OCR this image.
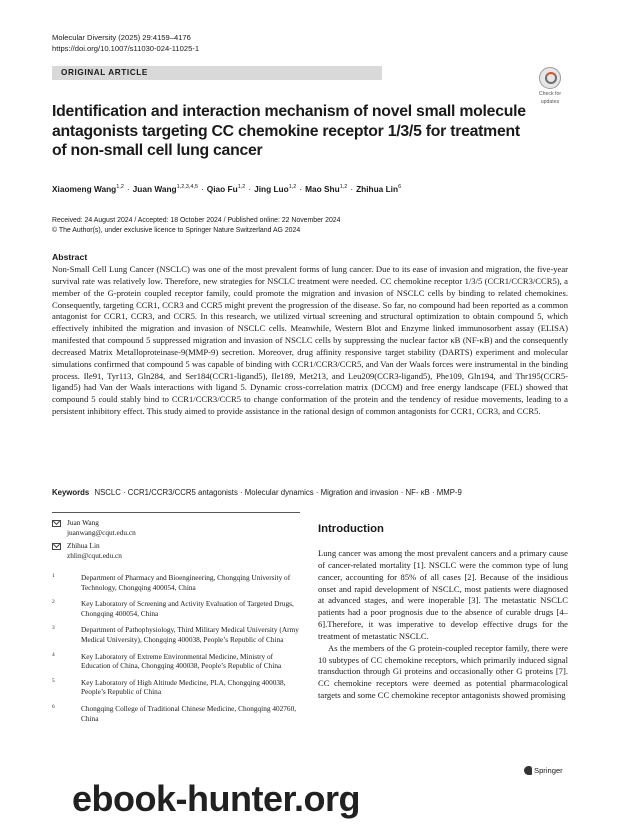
Molecular Diversity (2025) 29:4159–4176
https://doi.org/10.1007/s11030-024-11025-1
ORIGINAL ARTICLE
Check for
updates
Identification and interaction mechanism of novel small molecule antagonists targeting CC chemokine receptor 1/3/5 for treatment of non-small cell lung cancer
Xiaomeng Wang$^{1,2}$ · Juan Wang$^{1,2,3,4,5}$ · Qiao Fu$^{1,2}$ · Jing Luo$^{1,2}$ · Mao Shu$^{1,2}$ · Zhihua Lin$^6$
Received: 24 August 2024 / Accepted: 18 October 2024 / Published online: 22 November 2024
© The Author(s), under exclusive licence to Springer Nature Switzerland AG 2024
Abstract

Non-Small Cell Lung Cancer (NSCLC) was one of the most prevalent forms of lung cancer. Due to its ease of invasion and migration, the five-year survival rate was relatively low. Therefore, new strategies for NSCLC treatment were needed. CC chemokine receptor 1/3/5 (CCR1/CCR3/CCR5), a member of the G-protein coupled receptor family, could promote the migration and invasion of NSCLC cells by binding to related chemokines. Consequently, targeting CCR1, CCR3 and CCR5 might prevent the progression of the disease. So far, no compound had been reported as a common antagonist for CCR1, CCR3, and CCR5. In this research, we utilized virtual screening and structural optimization to obtain compound 5, which effectively inhibited the migration and invasion of NSCLC cells. Meanwhile, Western Blot and Enzyme linked immunosorbent assay (ELISA) manifested that compound 5 suppressed migration and invasion of NSCLC cells by suppressing the nuclear factor κB (NF-κB) and the consequently decreased Matrix Metalloproteinase-9(MMP-9) secretion. Moreover, drug affinity responsive target stability (DARTS) experiment and molecular simulations confirmed that compound 5 was capable of binding with CCR1/CCR3/CCR5, and Van der Waals forces were instrumental in the binding process. Ile91, Tyr113, Gln284, and Ser184(CCR1-ligand5), Ile189, Met213, and Leu209(CCR3-ligand5), Phe109, Gln194, and Thr195(CCR5-ligand5) had Van der Waals interactions with ligand 5. Dynamic cross-correlation matrix (DCCM) and free energy landscape (FEL) showed that compound 5 could stably bind to CCR1/CCR3/CCR5 to change conformation of the protein and the tendency of residue movements, leading to a persistent inhibitory effect. This study aimed to provide assistance in the rational design of common antagonists for CCR1, CCR3, and CCR5.

Keywords NSCLC · CCR1/CCR3/CCR5 antagonists · Molecular dynamics · Migration and invasion · NF- κB · MMP-9
Juan Wang
juanwang@cqut.edu.cn
Zhihua Lin
zhlin@cqut.edu.cn
1	Department of Pharmacy and Bioengineering, Chongqing University of Technology, Chongqing 400054, China
2	Key Laboratory of Screening and Activity Evaluation of Targeted Drugs, Chongqing 400054, China
3	Department of Pathophysiology, Third Military Medical University (Army Medical University), Chongqing 400038, People’s Republic of China
4	Key Laboratory of Extreme Environmental Medicine, Ministry of Education of China, Chongqing 400038, People’s Republic of China
5	Key Laboratory of High Altitude Medicine, PLA, Chongqing 400038, People’s Republic of China
6	Chongqing College of Traditional Chinese Medicine, Chongqing 402760, China
Introduction

Lung cancer was among the most prevalent cancers and a primary cause of cancer-related mortality [1]. NSCLC were the common type of lung cancer, accounting for 85% of all cases [2]. Because of the insidious onset and rapid development of NSCLC, most patients were diagnosed at advanced stages, and were inoperable [3]. The metastatic NSCLC patients had a poor prognosis due to the absence of curable drugs [4–6].Therefore, it was imperative to develop effective drugs for the treatment of metastatic NSCLC.

As the members of the G protein-coupled receptor family, there were 10 subtypes of CC chemokine receptors, which primarily induced signal transduction through Gi proteins and occasionally other G proteins [7]. CC chemokine receptors were deemed as potential pharmacological targets and some CC chemokine receptor antagonists showed promising

Springer
ebook-hunter.org
